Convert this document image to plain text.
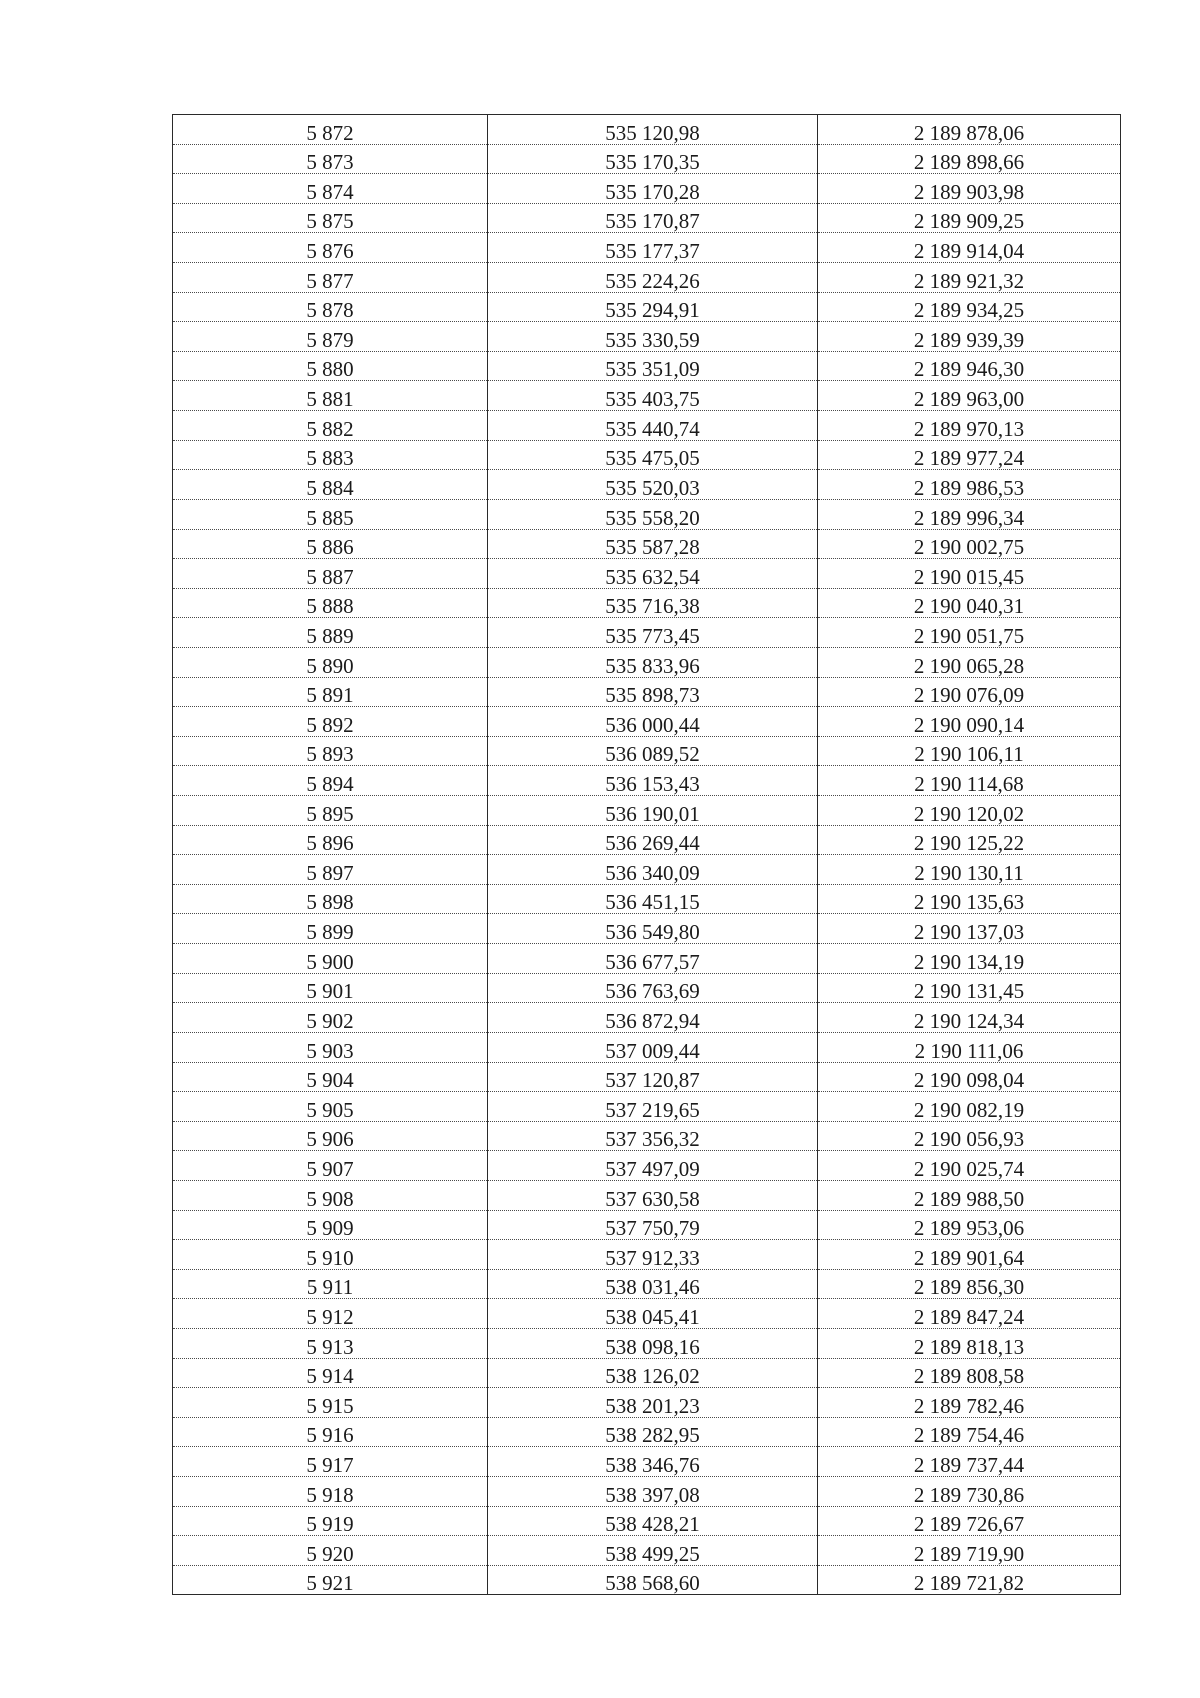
5 872	535 120,98	2 189 878,06
5 873	535 170,35	2 189 898,66
5 874	535 170,28	2 189 903,98
5 875	535 170,87	2 189 909,25
5 876	535 177,37	2 189 914,04
5 877	535 224,26	2 189 921,32
5 878	535 294,91	2 189 934,25
5 879	535 330,59	2 189 939,39
5 880	535 351,09	2 189 946,30
5 881	535 403,75	2 189 963,00
5 882	535 440,74	2 189 970,13
5 883	535 475,05	2 189 977,24
5 884	535 520,03	2 189 986,53
5 885	535 558,20	2 189 996,34
5 886	535 587,28	2 190 002,75
5 887	535 632,54	2 190 015,45
5 888	535 716,38	2 190 040,31
5 889	535 773,45	2 190 051,75
5 890	535 833,96	2 190 065,28
5 891	535 898,73	2 190 076,09
5 892	536 000,44	2 190 090,14
5 893	536 089,52	2 190 106,11
5 894	536 153,43	2 190 114,68
5 895	536 190,01	2 190 120,02
5 896	536 269,44	2 190 125,22
5 897	536 340,09	2 190 130,11
5 898	536 451,15	2 190 135,63
5 899	536 549,80	2 190 137,03
5 900	536 677,57	2 190 134,19
5 901	536 763,69	2 190 131,45
5 902	536 872,94	2 190 124,34
5 903	537 009,44	2 190 111,06
5 904	537 120,87	2 190 098,04
5 905	537 219,65	2 190 082,19
5 906	537 356,32	2 190 056,93
5 907	537 497,09	2 190 025,74
5 908	537 630,58	2 189 988,50
5 909	537 750,79	2 189 953,06
5 910	537 912,33	2 189 901,64
5 911	538 031,46	2 189 856,30
5 912	538 045,41	2 189 847,24
5 913	538 098,16	2 189 818,13
5 914	538 126,02	2 189 808,58
5 915	538 201,23	2 189 782,46
5 916	538 282,95	2 189 754,46
5 917	538 346,76	2 189 737,44
5 918	538 397,08	2 189 730,86
5 919	538 428,21	2 189 726,67
5 920	538 499,25	2 189 719,90
5 921	538 568,60	2 189 721,82
